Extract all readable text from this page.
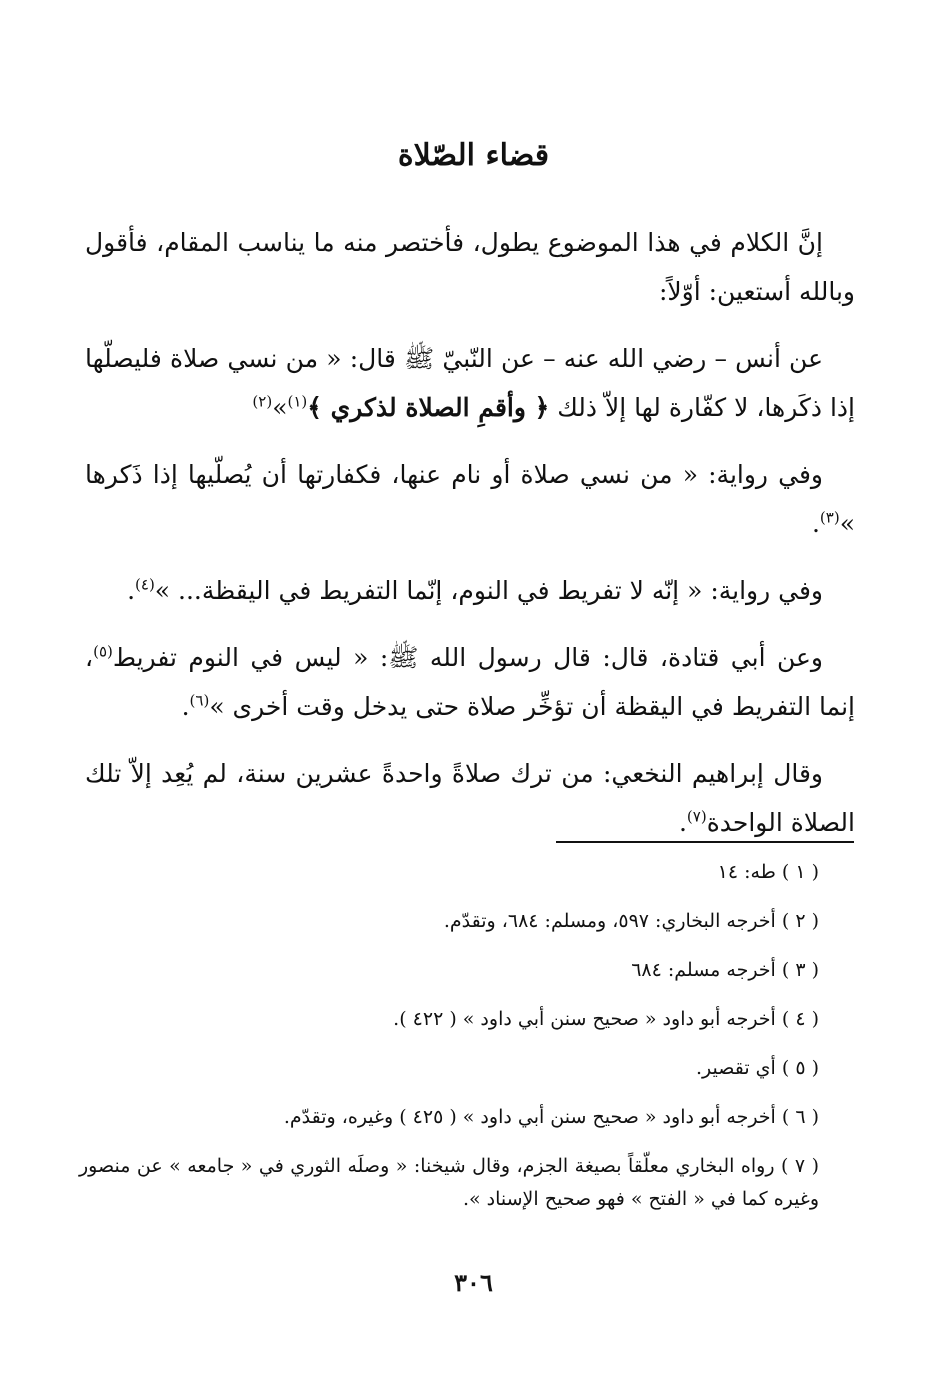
قضاء الصّلاة

إنَّ الكلام في هذا الموضوع يطول، فأختصر منه ما يناسب المقام، فأقول وبالله أستعين: أوّلاً:

عن أنس – رضي الله عنه – عن النّبيّ ﷺ قال: « من نسي صلاة فليصلّها إذا ذكَرها، لا كفّارة لها إلاّ ذلك ﴿ وأقمِ الصلاة لذكري ﴾$^{(١)}$»$^{(٢)}$

وفي رواية: « من نسي صلاة أو نام عنها، فكفارتها أن يُصلّيها إذا ذَكرها »$^{(٣)}$.

وفي رواية: « إنّه لا تفريط في النوم، إنّما التفريط في اليقظة... »$^{(٤)}$.

وعن أبي قتادة، قال: قال رسول الله ﷺ: « ليس في النوم تفريط$^{(٥)}$، إنما التفريط في اليقظة أن تؤخِّر صلاة حتى يدخل وقت أخرى »$^{(٦)}$.

وقال إبراهيم النخعي: من ترك صلاةً واحدةً عشرين سنة، لم يُعِد إلاّ تلك الصلاة الواحدة$^{(٧)}$.

( ١ ) طه: ١٤
( ٢ ) أخرجه البخاري: ٥٩٧، ومسلم: ٦٨٤، وتقدّم.
( ٣ ) أخرجه مسلم: ٦٨٤
( ٤ ) أخرجه أبو داود « صحيح سنن أبي داود » ( ٤٢٢ ).
( ٥ ) أي تقصير.
( ٦ ) أخرجه أبو داود « صحيح سنن أبي داود » ( ٤٢٥ ) وغيره، وتقدّم.
( ٧ ) رواه البخاري معلّقاً بصيغة الجزم، وقال شيخنا: « وصلَه الثوري في « جامعه » عن منصور وغيره كما في « الفتح » فهو صحيح الإسناد ».
٣٠٦
